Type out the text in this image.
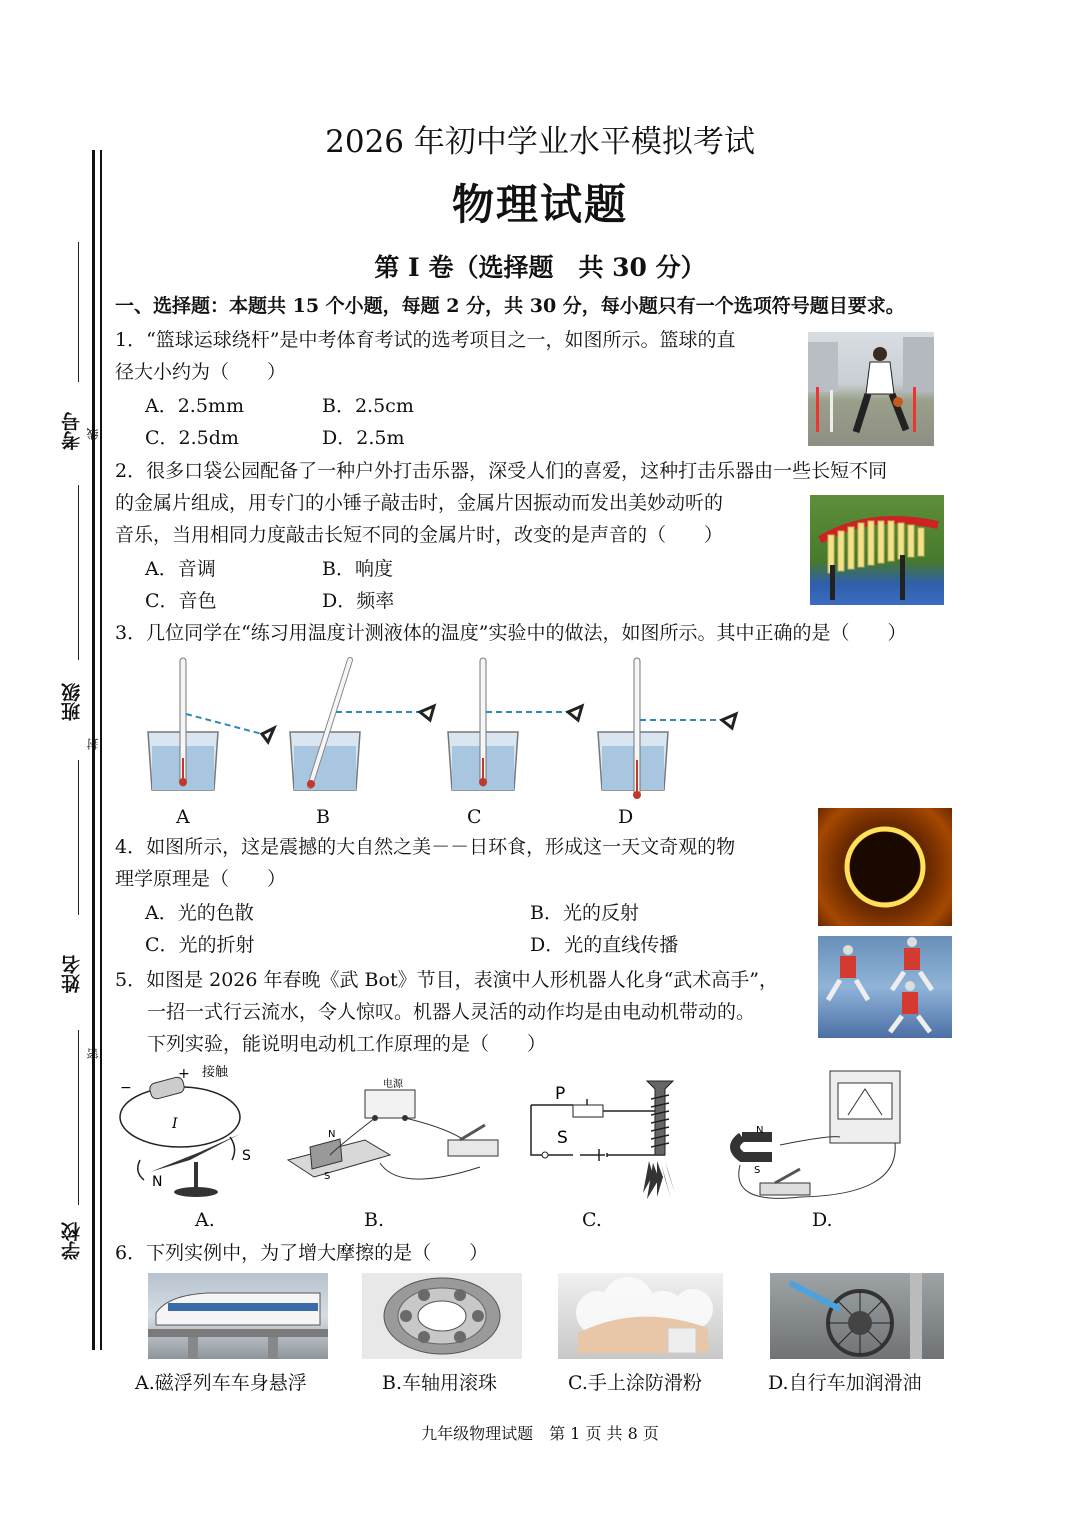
考号 线
班级
封
姓名
密
学校
2026 年初中学业水平模拟考试
物理试题
第 I 卷（选择题　共 30 分）
一、选择题：本题共 15 个小题，每题 2 分，共 30 分，每小题只有一个选项符号题目要求。
1．“篮球运球绕杆”是中考体育考试的选考项目之一，如图所示。篮球的直
径大小约为（　　）
A．2.5mm	B．2.5cm
C．2.5dm	D．2.5m
2．很多口袋公园配备了一种户外打击乐器，深受人们的喜爱，这种打击乐器由一些长短不同
的金属片组成，用专门的小锤子敲击时，金属片因振动而发出美妙动听的
音乐，当用相同力度敲击长短不同的金属片时，改变的是声音的（　　）
A．音调	B．响度
C．音色	D．频率
3．几位同学在“练习用温度计测液体的温度”实验中的做法，如图所示。其中正确的是（　　）
A	B	C	D
4．如图所示，这是震撼的大自然之美－－日环食，形成这一天文奇观的物
理学原理是（　　）
A．光的色散	B．光的反射
C．光的折射	D．光的直线传播
5．如图是 2026 年春晚《武 Bot》节目，表演中人形机器人化身“武术高手”，
一招一式行云流水，令人惊叹。机器人灵活的动作均是由电动机带动的。
下列实验，能说明电动机工作原理的是（　　）
接触
+
−
I
N
S
电源
N
S
P
S	N
S
A.	B.	C.	D.
6．下列实例中，为了增大摩擦的是（　　）
A.磁浮列车车身悬浮	B.车轴用滚珠	C.手上涂防滑粉	D.自行车加润滑油
九年级物理试题　第 1 页 共 8 页
